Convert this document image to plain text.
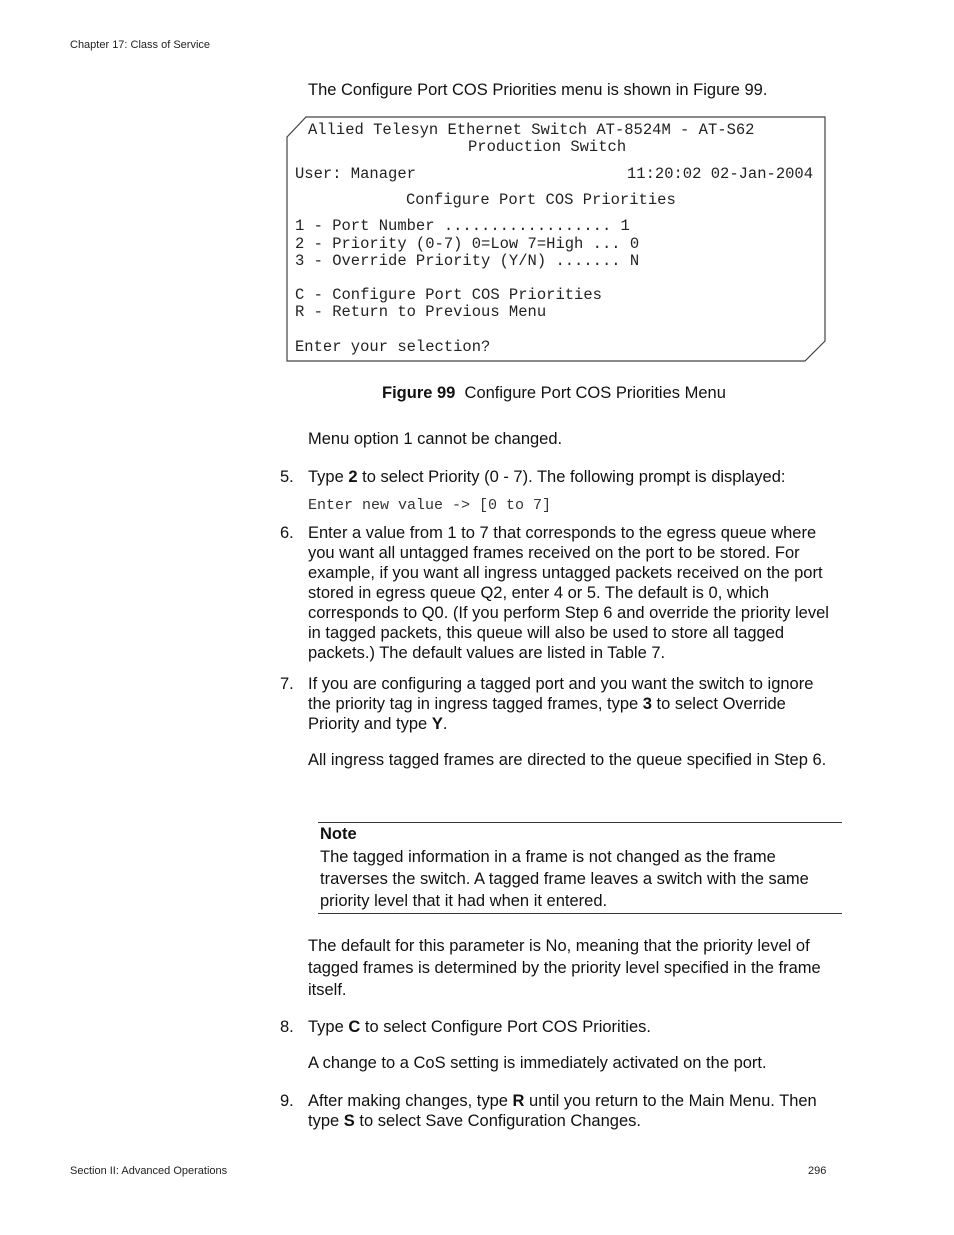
Chapter 17: Class of Service
The Configure Port COS Priorities menu is shown in Figure 99.
Allied Telesyn Ethernet Switch AT-8524M - AT-S62
Production Switch
User: Manager	11:20:02 02-Jan-2004
Configure Port COS Priorities
1 - Port Number .................. 1
2 - Priority (0-7) 0=Low 7=High ... 0
3 - Override Priority (Y/N) ....... N
C - Configure Port COS Priorities
R - Return to Previous Menu
Enter your selection?
Figure 99 Configure Port COS Priorities Menu
Menu option 1 cannot be changed.
5. Type 2 to select Priority (0 - 7). The following prompt is displayed:
Enter new value -> [0 to 7]
6. Enter a value from 1 to 7 that corresponds to the egress queue where you want all untagged frames received on the port to be stored. For example, if you want all ingress untagged packets received on the port stored in egress queue Q2, enter 4 or 5. The default is 0, which corresponds to Q0. (If you perform Step 6 and override the priority level in tagged packets, this queue will also be used to store all tagged packets.) The default values are listed in Table 7.
7. If you are configuring a tagged port and you want the switch to ignore the priority tag in ingress tagged frames, type 3 to select Override Priority and type Y.
All ingress tagged frames are directed to the queue specified in Step 6.
Note
The tagged information in a frame is not changed as the frame traverses the switch. A tagged frame leaves a switch with the same priority level that it had when it entered.
The default for this parameter is No, meaning that the priority level of tagged frames is determined by the priority level specified in the frame itself.
8. Type C to select Configure Port COS Priorities.
A change to a CoS setting is immediately activated on the port.
9. After making changes, type R until you return to the Main Menu. Then type S to select Save Configuration Changes.
Section II: Advanced Operations	296
